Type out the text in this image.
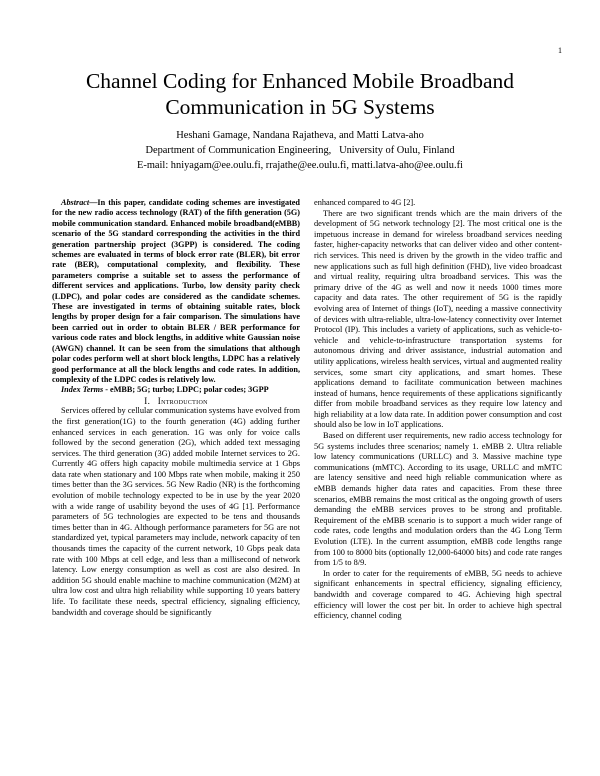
1
Channel Coding for Enhanced Mobile Broadband
Communication in 5G Systems
Heshani Gamage, Nandana Rajatheva, and Matti Latva-aho
Department of Communication Engineering,   University of Oulu, Finland
E-mail: hniyagam@ee.oulu.fi, rrajathe@ee.oulu.fi, matti.latva-aho@ee.oulu.fi

Abstract—In this paper, candidate coding schemes are investigated for the new radio access technology (RAT) of the fifth generation (5G) mobile communication standard. Enhanced mobile broadband(eMBB) scenario of the 5G standard corresponding the activities in the third generation partnership project (3GPP) is considered. The coding schemes are evaluated in terms of block error rate (BLER), bit error rate (BER), computational complexity, and flexibility. These parameters comprise a suitable set to assess the performance of different services and applications. Turbo, low density parity check (LDPC), and polar codes are considered as the candidate schemes. These are investigated in terms of obtaining suitable rates, block lengths by proper design for a fair comparison. The simulations have been carried out in order to obtain BLER / BER performance for various code rates and block lengths, in additive white Gaussian noise (AWGN) channel. It can be seen from the simulations that although polar codes perform well at short block lengths, LDPC has a relatively good performance at all the block lengths and code rates. In addition, complexity of the LDPC codes is relatively low.

Index Terms - eMBB; 5G; turbo; LDPC; polar codes; 3GPP

I. Introduction

Services offered by cellular communication systems have evolved from the first generation(1G) to the fourth generation (4G) adding further enhanced services in each generation. 1G was only for voice calls followed by the second generation (2G), which added text messaging services. The third generation (3G) added mobile Internet services to 2G. Currently 4G offers high capacity mobile multimedia service at 1 Gbps data rate when stationary and 100 Mbps rate when mobile, making it 250 times better than the 3G services. 5G New Radio (NR) is the forthcoming evolution of mobile technology expected to be in use by the year 2020 with a wide range of usability beyond the uses of 4G [1]. Performance parameters of 5G technologies are expected to be tens and thousands times better than in 4G. Although performance parameters for 5G are not standardized yet, typical parameters may include, network capacity of ten thousands times the capacity of the current network, 10 Gbps peak data rate with 100 Mbps at cell edge, and less than a millisecond of network latency. Low energy consumption as well as cost are also desired. In addition 5G should enable machine to machine communication (M2M) at ultra low cost and ultra high reliability while supporting 10 years battery life. To facilitate these needs, spectral efficiency, signaling efficiency, bandwidth and coverage should be significantly

enhanced compared to 4G [2].

There are two significant trends which are the main drivers of the development of 5G network technology [2]. The most critical one is the impetuous increase in demand for wireless broadband services needing faster, higher-capacity networks that can deliver video and other content-rich services. This need is driven by the growth in the video traffic and new applications such as full high definition (FHD), live video broadcast and virtual reality, requiring ultra broadband services. This was the primary drive of the 4G as well and now it needs 1000 times more capacity and data rates. The other requirement of 5G is the rapidly evolving area of Internet of things (IoT), needing a massive connectivity of devices with ultra-reliable, ultra-low-latency connectivity over Internet Protocol (IP). This includes a variety of applications, such as vehicle-to-vehicle and vehicle-to-infrastructure transportation systems for autonomous driving and driver assistance, industrial automation and utility applications, wireless health services, virtual and augmented reality services, some smart city applications, and smart homes. These applications demand to facilitate communication between machines instead of humans, hence requirements of these applications significantly differ from mobile broadband services as they require low latency and high reliability at a low data rate. In addition power consumption and cost should also be low in IoT applications.

Based on different user requirements, new radio access technology for 5G systems includes three scenarios; namely 1. eMBB 2. Ultra reliable low latency communications (URLLC) and 3. Massive machine type communications (mMTC). According to its usage, URLLC and mMTC are latency sensitive and need high reliable communication where as eMBB demands higher data rates and capacities. From these three scenarios, eMBB remains the most critical as the ongoing growth of users demanding the eMBB services proves to be strong and profitable. Requirement of the eMBB scenario is to support a much wider range of code rates, code lengths and modulation orders than the 4G Long Term Evolution (LTE). In the current assumption, eMBB code lengths range from 100 to 8000 bits (optionally 12,000-64000 bits) and code rate ranges from 1/5 to 8/9.

In order to cater for the requirements of eMBB, 5G needs to achieve significant enhancements in spectral efficiency, signaling efficiency, bandwidth and coverage compared to 4G. Achieving high spectral efficiency will lower the cost per bit. In order to achieve high spectral efficiency, channel coding
